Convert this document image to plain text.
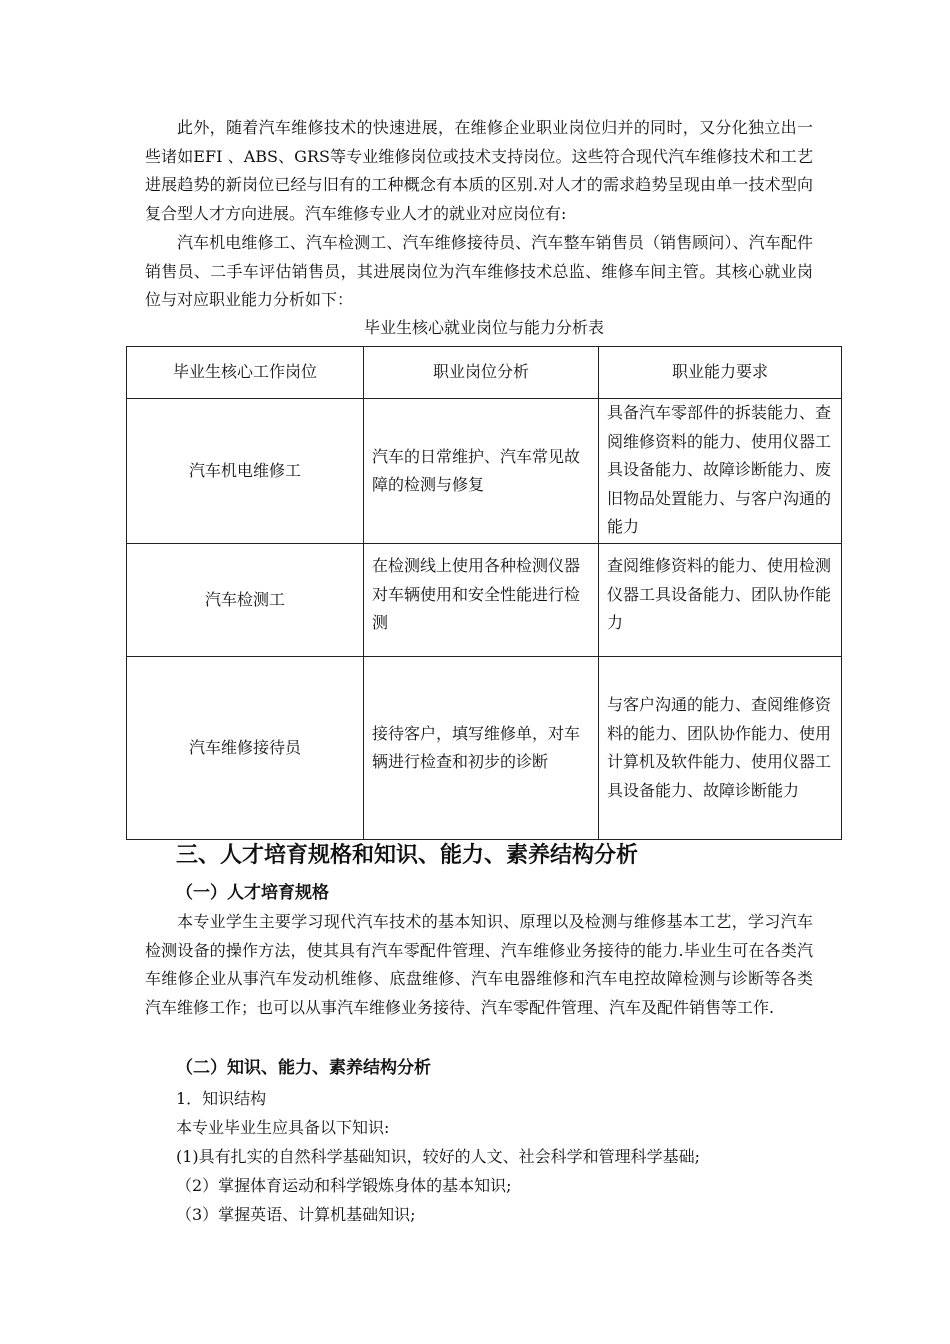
此外，随着汽车维修技术的快速进展，在维修企业职业岗位归并的同时，又分化独立出一些诸如EFI 、ABS、GRS等专业维修岗位或技术支持岗位。这些符合现代汽车维修技术和工艺进展趋势的新岗位已经与旧有的工种概念有本质的区别.对人才的需求趋势呈现由单一技术型向复合型人才方向进展。汽车维修专业人才的就业对应岗位有:

汽车机电维修工、汽车检测工、汽车维修接待员、汽车整车销售员（销售顾问）、汽车配件销售员、二手车评估销售员，其进展岗位为汽车维修技术总监、维修车间主管。其核心就业岗位与对应职业能力分析如下：

毕业生核心就业岗位与能力分析表
毕业生核心工作岗位	职业岗位分析	职业能力要求
汽车机电维修工	汽车的日常维护、汽车常见故障的检测与修复	具备汽车零部件的拆装能力、查阅维修资料的能力、使用仪器工具设备能力、故障诊断能力、废旧物品处置能力、与客户沟通的能力
汽车检测工	在检测线上使用各种检测仪器对车辆使用和安全性能进行检测	查阅维修资料的能力、使用检测仪器工具设备能力、团队协作能力
汽车维修接待员	接待客户，填写维修单，对车辆进行检查和初步的诊断	与客户沟通的能力、查阅维修资料的能力、团队协作能力、使用计算机及软件能力、使用仪器工具设备能力、故障诊断能力
三、人才培育规格和知识、能力、素养结构分析
（一）人才培育规格

本专业学生主要学习现代汽车技术的基本知识、原理以及检测与维修基本工艺，学习汽车检测设备的操作方法，使其具有汽车零配件管理、汽车维修业务接待的能力.毕业生可在各类汽车维修企业从事汽车发动机维修、底盘维修、汽车电器维修和汽车电控故障检测与诊断等各类汽车维修工作；也可以从事汽车维修业务接待、汽车零配件管理、汽车及配件销售等工作.

（二）知识、能力、素养结构分析

1．知识结构

本专业毕业生应具备以下知识:

(1)具有扎实的自然科学基础知识，较好的人文、社会科学和管理科学基础;

（2）掌握体育运动和科学锻炼身体的基本知识;

（3）掌握英语、计算机基础知识;
